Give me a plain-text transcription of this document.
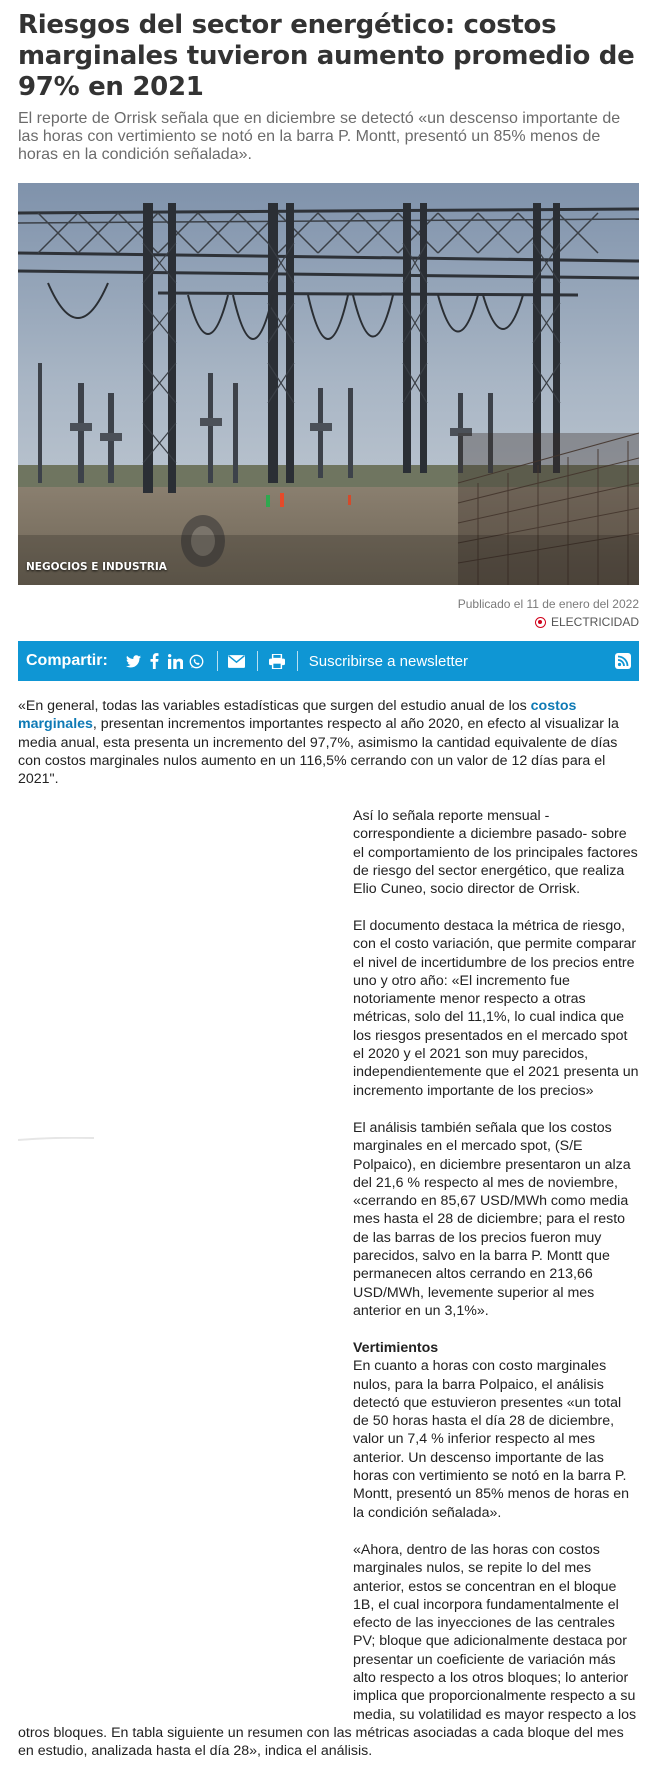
Riesgos del sector energético: costos marginales tuvieron aumento promedio de 97% en 2021

El reporte de Orrisk señala que en diciembre se detectó «un descenso importante de las horas con vertimiento se notó en la barra P. Montt, presentó un 85% menos de horas en la condición señalada».

NEGOCIOS E INDUSTRIA
Publicado el 11 de enero del 2022
ELECTRICIDAD
Compartir:	Suscribirse a newsletter

«En general, todas las variables estadísticas que surgen del estudio anual de los costos marginales, presentan incrementos importantes respecto al año 2020, en efecto al visualizar la media anual, esta presenta un incremento del 97,7%, asimismo la cantidad equivalente de días con costos marginales nulos aumento en un 116,5% cerrando con un valor de 12 días para el 2021".

Así lo señala reporte mensual -correspondiente a diciembre pasado- sobre el comportamiento de los principales factores de riesgo del sector energético, que realiza Elio Cuneo, socio director de Orrisk.

El documento destaca la métrica de riesgo, con el costo variación, que permite comparar el nivel de incertidumbre de los precios entre uno y otro año: «El incremento fue notoriamente menor respecto a otras métricas, solo del 11,1%, lo cual indica que los riesgos presentados en el mercado spot el 2020 y el 2021 son muy parecidos, independientemente que el 2021 presenta un incremento importante de los precios»

El análisis también señala que los costos marginales en el mercado spot, (S/E Polpaico), en diciembre presentaron un alza del 21,6 % respecto al mes de noviembre, «cerrando en 85,67 USD/MWh como media mes hasta el 28 de diciembre; para el resto de las barras de los precios fueron muy parecidos, salvo en la barra P. Montt que permanecen altos cerrando en 213,66 USD/MWh, levemente superior al mes anterior en un 3,1%».

Vertimientos

En cuanto a horas con costo marginales nulos, para la barra Polpaico, el análisis detectó que estuvieron presentes «un total de 50 horas hasta el día 28 de diciembre, valor un 7,4 % inferior respecto al mes anterior. Un descenso importante de las horas con vertimiento se notó en la barra P. Montt, presentó un 85% menos de horas en la condición señalada».

«Ahora, dentro de las horas con costos marginales nulos, se repite lo del mes anterior, estos se concentran en el bloque 1B, el cual incorpora fundamentalmente el efecto de las inyecciones de las centrales PV; bloque que adicionalmente destaca por presentar un coeficiente de variación más alto respecto a los otros bloques; lo anterior implica que proporcionalmente respecto a su media, su volatilidad es mayor respecto a los

otros bloques. En tabla siguiente un resumen con las métricas asociadas a cada bloque del mes en estudio, analizada hasta el día 28», indica el análisis.
